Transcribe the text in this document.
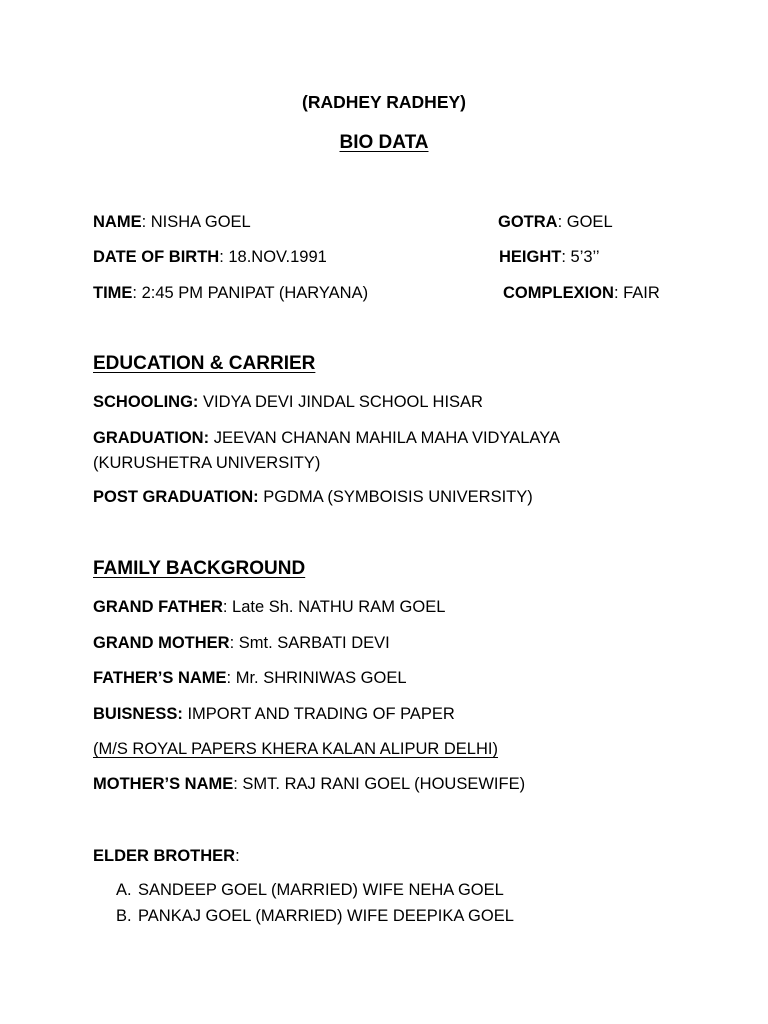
(RADHEY RADHEY)
BIO DATA
NAME: NISHA GOEL	GOTRA: GOEL
DATE OF BIRTH: 18.NOV.1991	HEIGHT: 5’3’’
TIME: 2:45 PM PANIPAT (HARYANA)	COMPLEXION: FAIR
EDUCATION & CARRIER
SCHOOLING: VIDYA DEVI JINDAL SCHOOL HISAR
GRADUATION: JEEVAN CHANAN MAHILA MAHA VIDYALAYA
(KURUSHETRA UNIVERSITY)
POST GRADUATION: PGDMA (SYMBOISIS UNIVERSITY)
FAMILY BACKGROUND
GRAND FATHER: Late Sh. NATHU RAM GOEL
GRAND MOTHER: Smt. SARBATI DEVI
FATHER’S NAME: Mr. SHRINIWAS GOEL
BUISNESS: IMPORT AND TRADING OF PAPER
(M/S ROYAL PAPERS KHERA KALAN ALIPUR DELHI)
MOTHER’S NAME: SMT. RAJ RANI GOEL (HOUSEWIFE)
ELDER BROTHER:
A. SANDEEP GOEL (MARRIED) WIFE NEHA GOEL
B. PANKAJ GOEL (MARRIED) WIFE DEEPIKA GOEL
